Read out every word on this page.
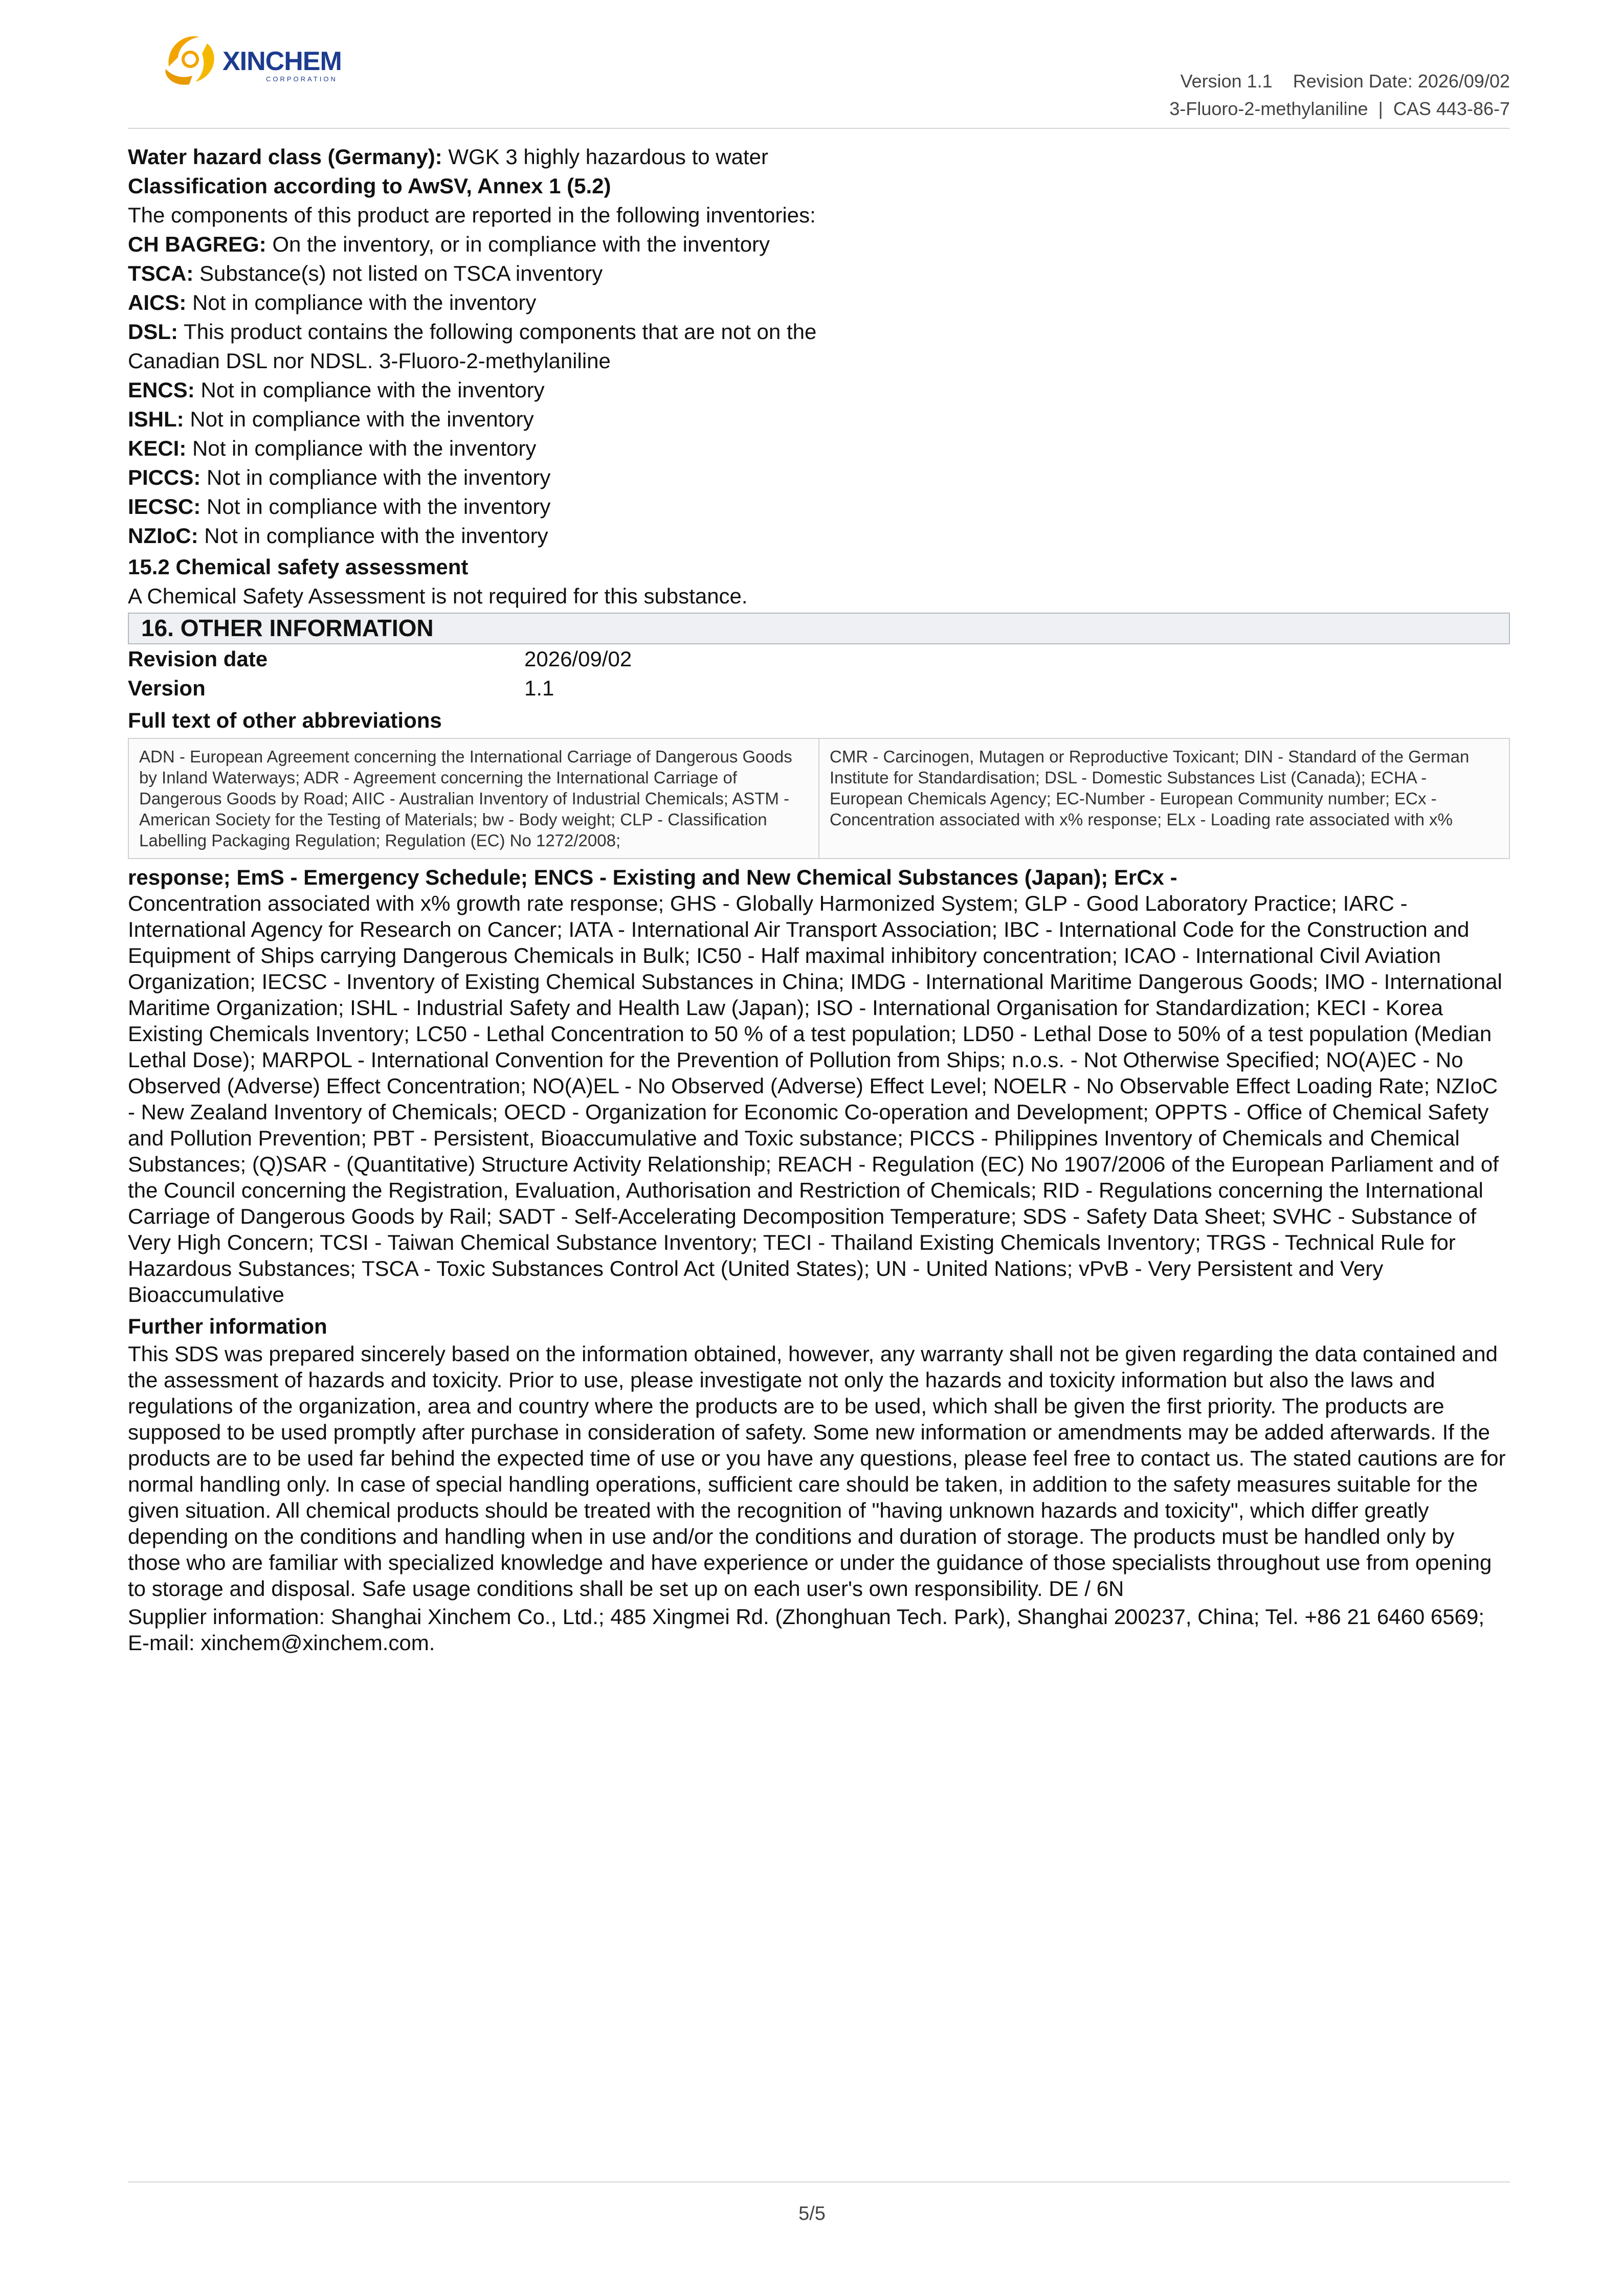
XINCHEM
CORPORATION	Version 1.1    Revision Date: 2026/09/02
3-Fluoro-2-methylaniline  |  CAS 443-86-7
Water hazard class (Germany): WGK 3 highly hazardous to water
Classification according to AwSV, Annex 1 (5.2)
The components of this product are reported in the following inventories:
CH BAGREG: On the inventory, or in compliance with the inventory
TSCA: Substance(s) not listed on TSCA inventory
AICS: Not in compliance with the inventory
DSL: This product contains the following components that are not on the
Canadian DSL nor NDSL. 3-Fluoro-2-methylaniline
ENCS: Not in compliance with the inventory
ISHL: Not in compliance with the inventory
KECI: Not in compliance with the inventory
PICCS: Not in compliance with the inventory
IECSC: Not in compliance with the inventory
NZIoC: Not in compliance with the inventory
15.2 Chemical safety assessment
A Chemical Safety Assessment is not required for this substance.
16. OTHER INFORMATION
Revision date	2026/09/02
Version	1.1
Full text of other abbreviations
ADN - European Agreement concerning the International Carriage of Dangerous Goods by Inland Waterways; ADR - Agreement concerning the International Carriage of Dangerous Goods by Road; AIIC - Australian Inventory of Industrial Chemicals; ASTM - American Society for the Testing of Materials; bw - Body weight; CLP - Classification Labelling Packaging Regulation; Regulation (EC) No 1272/2008;
CMR - Carcinogen, Mutagen or Reproductive Toxicant; DIN - Standard of the German Institute for Standardisation; DSL - Domestic Substances List (Canada); ECHA - European Chemicals Agency; EC-Number - European Community number; ECx - Concentration associated with x% response; ELx - Loading rate associated with x%
response; EmS - Emergency Schedule; ENCS - Existing and New Chemical Substances (Japan); ErCx -
Concentration associated with x% growth rate response; GHS - Globally Harmonized System; GLP - Good Laboratory Practice; IARC - International Agency for Research on Cancer; IATA - International Air Transport Association; IBC - International Code for the Construction and Equipment of Ships carrying Dangerous Chemicals in Bulk; IC50 - Half maximal inhibitory concentration; ICAO - International Civil Aviation Organization; IECSC - Inventory of Existing Chemical Substances in China; IMDG - International Maritime Dangerous Goods; IMO - International Maritime Organization; ISHL - Industrial Safety and Health Law (Japan); ISO - International Organisation for Standardization; KECI - Korea Existing Chemicals Inventory; LC50 - Lethal Concentration to 50 % of a test population; LD50 - Lethal Dose to 50% of a test population (Median Lethal Dose); MARPOL - International Convention for the Prevention of Pollution from Ships; n.o.s. - Not Otherwise Specified; NO(A)EC - No Observed (Adverse) Effect Concentration; NO(A)EL - No Observed (Adverse) Effect Level; NOELR - No Observable Effect Loading Rate; NZIoC - New Zealand Inventory of Chemicals; OECD - Organization for Economic Co-operation and Development; OPPTS - Office of Chemical Safety and Pollution Prevention; PBT - Persistent, Bioaccumulative and Toxic substance; PICCS - Philippines Inventory of Chemicals and Chemical Substances; (Q)SAR - (Quantitative) Structure Activity Relationship; REACH - Regulation (EC) No 1907/2006 of the European Parliament and of the Council concerning the Registration, Evaluation, Authorisation and Restriction of Chemicals; RID - Regulations concerning the International Carriage of Dangerous Goods by Rail; SADT - Self-Accelerating Decomposition Temperature; SDS - Safety Data Sheet; SVHC - Substance of Very High Concern; TCSI - Taiwan Chemical Substance Inventory; TECI - Thailand Existing Chemicals Inventory; TRGS - Technical Rule for Hazardous Substances; TSCA - Toxic Substances Control Act (United States); UN - United Nations; vPvB - Very Persistent and Very Bioaccumulative
Further information
This SDS was prepared sincerely based on the information obtained, however, any warranty shall not be given regarding the data contained and the assessment of hazards and toxicity. Prior to use, please investigate not only the hazards and toxicity information but also the laws and regulations of the organization, area and country where the products are to be used, which shall be given the first priority. The products are supposed to be used promptly after purchase in consideration of safety. Some new information or amendments may be added afterwards. If the products are to be used far behind the expected time of use or you have any questions, please feel free to contact us. The stated cautions are for normal handling only. In case of special handling operations, sufficient care should be taken, in addition to the safety measures suitable for the given situation. All chemical products should be treated with the recognition of "having unknown hazards and toxicity", which differ greatly depending on the conditions and handling when in use and/or the conditions and duration of storage. The products must be handled only by those who are familiar with specialized knowledge and have experience or under the guidance of those specialists throughout use from opening to storage and disposal. Safe usage conditions shall be set up on each user's own responsibility. DE / 6N
Supplier information: Shanghai Xinchem Co., Ltd.; 485 Xingmei Rd. (Zhonghuan Tech. Park), Shanghai 200237, China; Tel. +86 21 6460 6569; E-mail: xinchem@xinchem.com.
5/5
